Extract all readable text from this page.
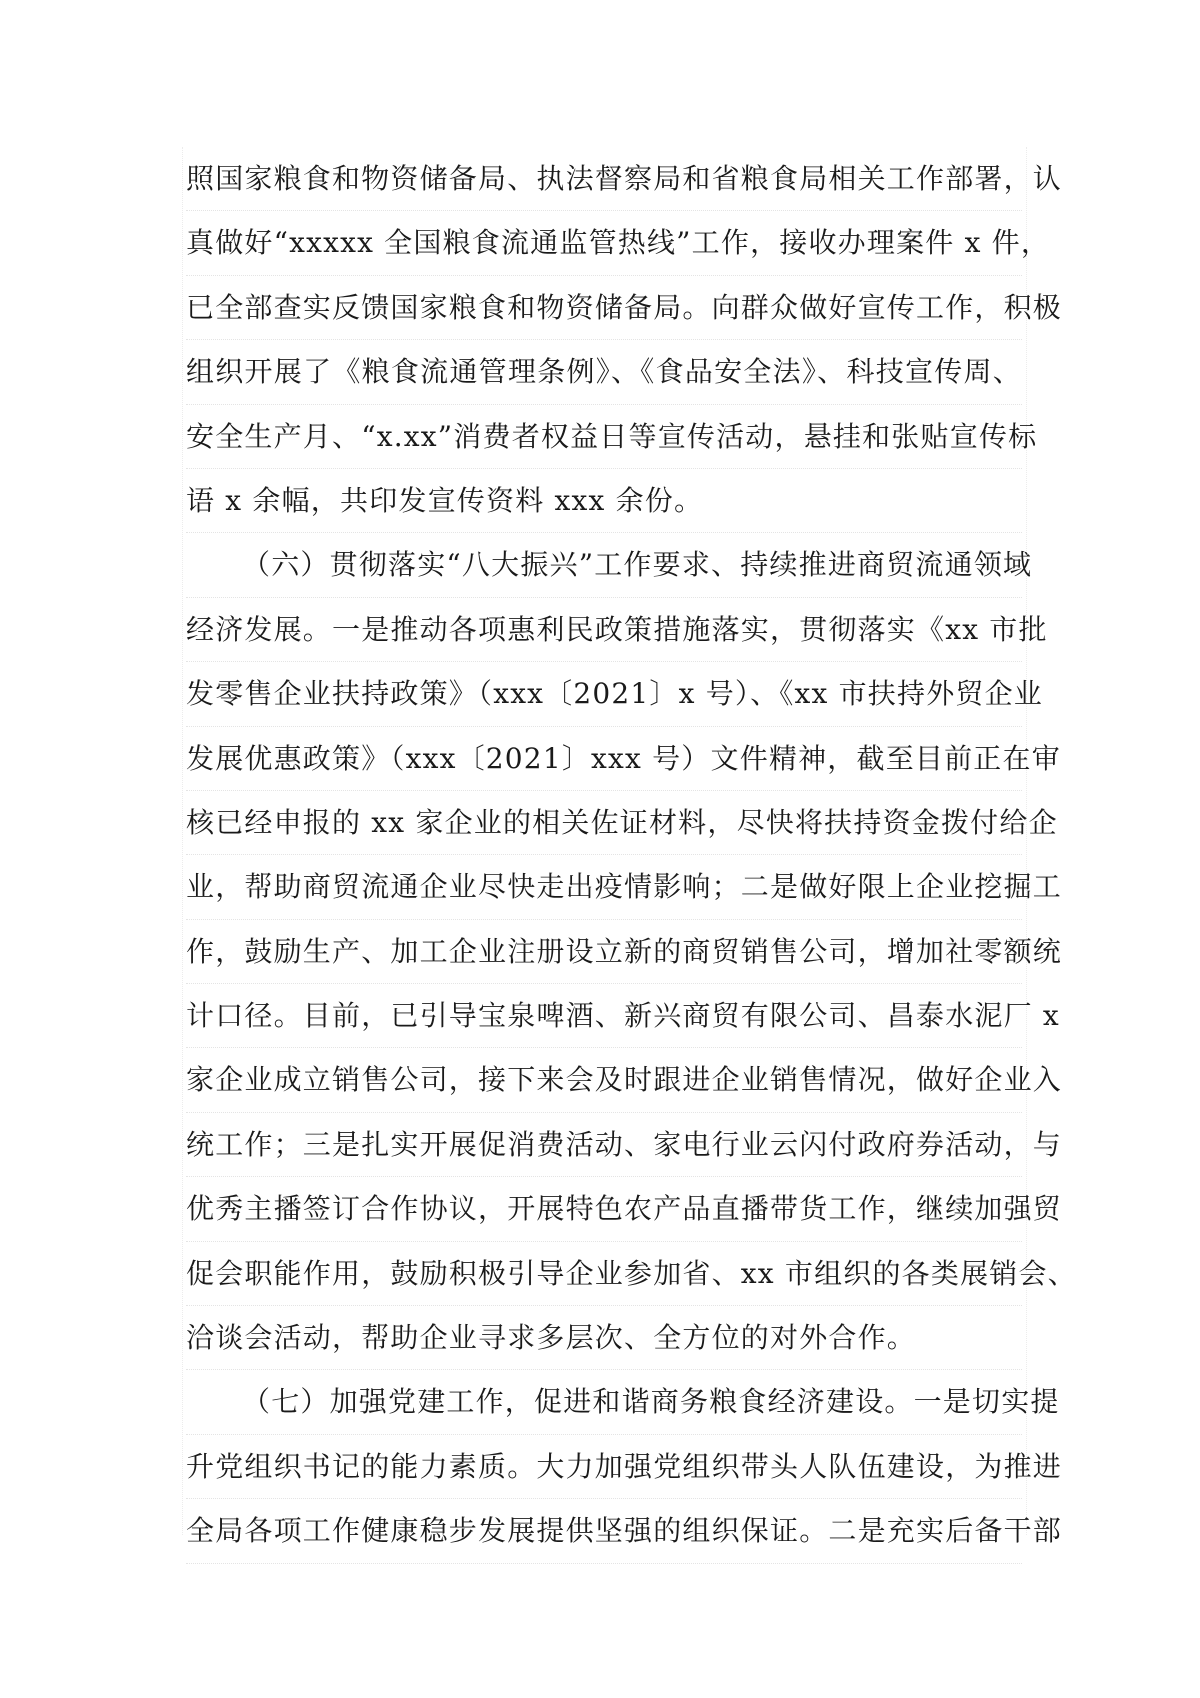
照国家粮食和物资储备局、执法督察局和省粮食局相关工作部署，认
真做好“xxxxx 全国粮食流通监管热线”工作，接收办理案件 x 件，
已全部查实反馈国家粮食和物资储备局。向群众做好宣传工作，积极
组织开展了《粮食流通管理条例》、《食品安全法》、科技宣传周、
安全生产月、“x.xx”消费者权益日等宣传活动，悬挂和张贴宣传标
语 x 余幅，共印发宣传资料 xxx 余份。
（六）贯彻落实“八大振兴”工作要求、持续推进商贸流通领域
经济发展。一是推动各项惠利民政策措施落实，贯彻落实《xx 市批
发零售企业扶持政策》（xxx〔2021〕x 号）、《xx 市扶持外贸企业
发展优惠政策》（xxx〔2021〕xxx 号）文件精神，截至目前正在审
核已经申报的 xx 家企业的相关佐证材料，尽快将扶持资金拨付给企
业，帮助商贸流通企业尽快走出疫情影响；二是做好限上企业挖掘工
作，鼓励生产、加工企业注册设立新的商贸销售公司，增加社零额统
计口径。目前，已引导宝泉啤酒、新兴商贸有限公司、昌泰水泥厂 x
家企业成立销售公司，接下来会及时跟进企业销售情况，做好企业入
统工作；三是扎实开展促消费活动、家电行业云闪付政府券活动，与
优秀主播签订合作协议，开展特色农产品直播带货工作，继续加强贸
促会职能作用，鼓励积极引导企业参加省、xx 市组织的各类展销会、
洽谈会活动，帮助企业寻求多层次、全方位的对外合作。
（七）加强党建工作，促进和谐商务粮食经济建设。一是切实提
升党组织书记的能力素质。大力加强党组织带头人队伍建设，为推进
全局各项工作健康稳步发展提供坚强的组织保证。二是充实后备干部
